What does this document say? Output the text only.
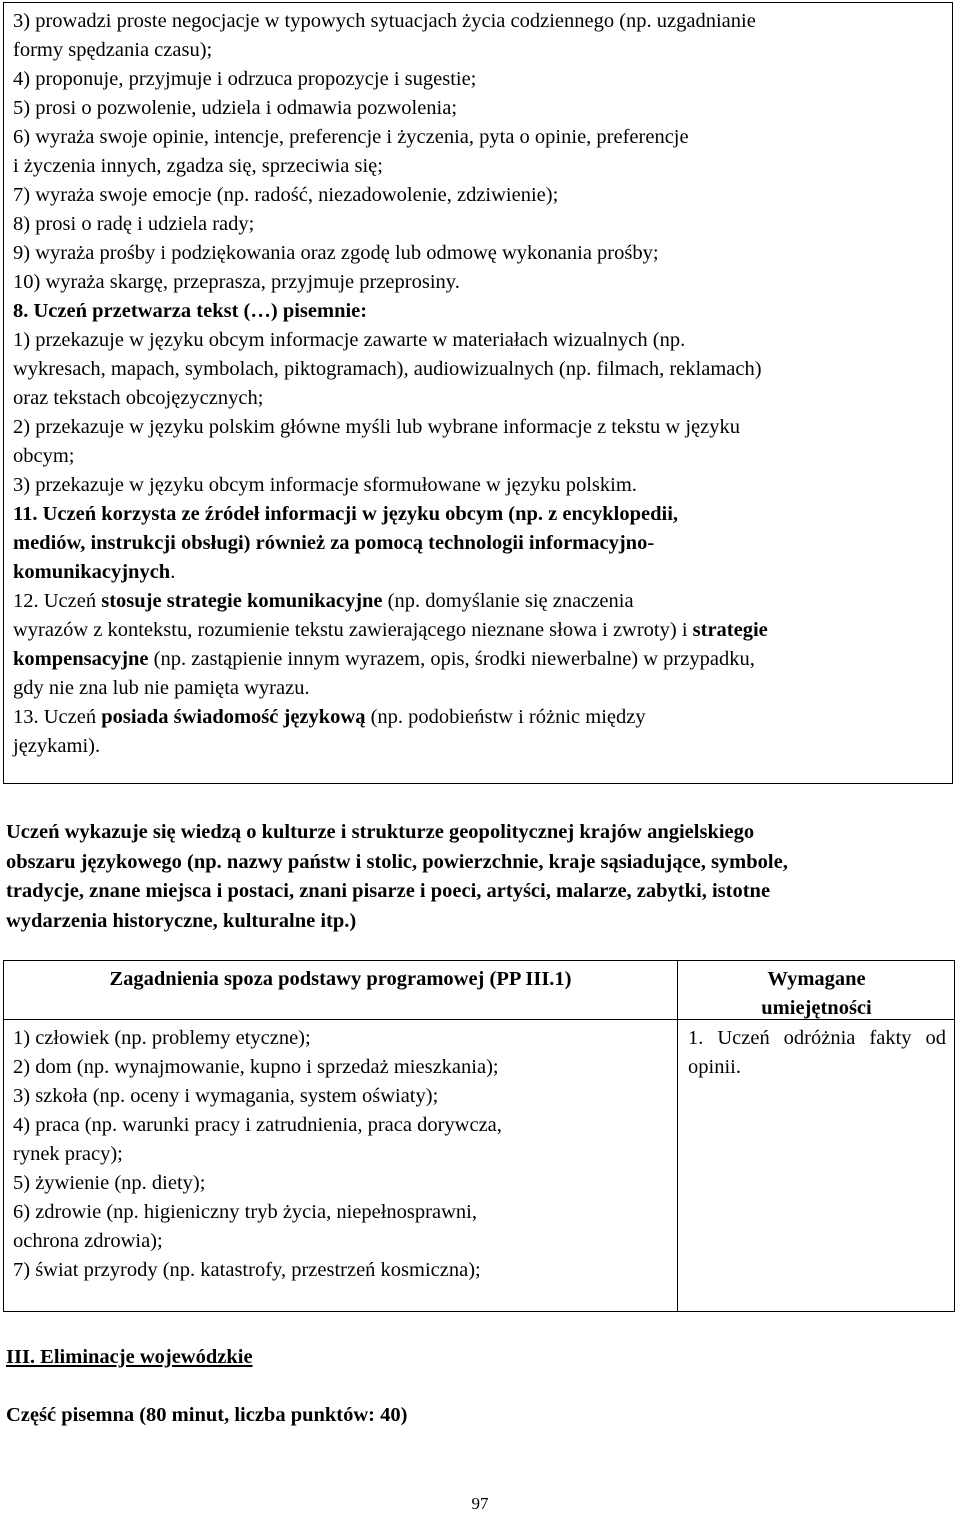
3) prowadzi proste negocjacje w typowych sytuacjach życia codziennego (np. uzgadnianie
formy spędzania czasu);
4) proponuje, przyjmuje i odrzuca propozycje i sugestie;
5) prosi o pozwolenie, udziela i odmawia pozwolenia;
6) wyraża swoje opinie, intencje, preferencje i życzenia, pyta o opinie, preferencje
i życzenia innych, zgadza się, sprzeciwia się;
7) wyraża swoje emocje (np. radość, niezadowolenie, zdziwienie);
8) prosi o radę i udziela rady;
9) wyraża prośby i podziękowania oraz zgodę lub odmowę wykonania prośby;
10) wyraża skargę, przeprasza, przyjmuje przeprosiny.
8. Uczeń przetwarza tekst (…) pisemnie:
1) przekazuje w języku obcym informacje zawarte w materiałach wizualnych (np.
wykresach, mapach, symbolach, piktogramach), audiowizualnych (np. filmach, reklamach)
oraz tekstach obcojęzycznych;
2) przekazuje w języku polskim główne myśli lub wybrane informacje z tekstu w języku
obcym;
3) przekazuje w języku obcym informacje sformułowane w języku polskim.
11. Uczeń korzysta ze źródeł informacji w języku obcym (np. z encyklopedii,
mediów, instrukcji obsługi) również za pomocą technologii informacyjno-
komunikacyjnych.
12. Uczeń stosuje strategie komunikacyjne (np. domyślanie się znaczenia
wyrazów z kontekstu, rozumienie tekstu zawierającego nieznane słowa i zwroty) i strategie
kompensacyjne (np. zastąpienie innym wyrazem, opis, środki niewerbalne) w przypadku,
gdy nie zna lub nie pamięta wyrazu.
13. Uczeń posiada świadomość językową (np. podobieństw i różnic między
językami).
Uczeń wykazuje się wiedzą o kulturze i strukturze geopolitycznej krajów angielskiego
obszaru językowego (np. nazwy państw i stolic, powierzchnie, kraje sąsiadujące, symbole,
tradycje, znane miejsca i postaci, znani pisarze i poeci, artyści, malarze, zabytki, istotne
wydarzenia historyczne, kulturalne itp.)
Zagadnienia spoza podstawy programowej (PP III.1)	Wymagane
umiejętności
1) człowiek (np. problemy etyczne);
2) dom (np. wynajmowanie, kupno i sprzedaż mieszkania);
3) szkoła (np. oceny i wymagania, system oświaty);
4) praca (np. warunki pracy i zatrudnienia, praca dorywcza,
rynek pracy);
5) żywienie (np. diety);
6) zdrowie (np. higieniczny tryb życia, niepełnosprawni,
ochrona zdrowia);
7) świat przyrody (np. katastrofy, przestrzeń kosmiczna);
1. Uczeń odróżnia fakty od opinii.
III. Eliminacje wojewódzkie
Część pisemna (80 minut, liczba punktów: 40)
97
